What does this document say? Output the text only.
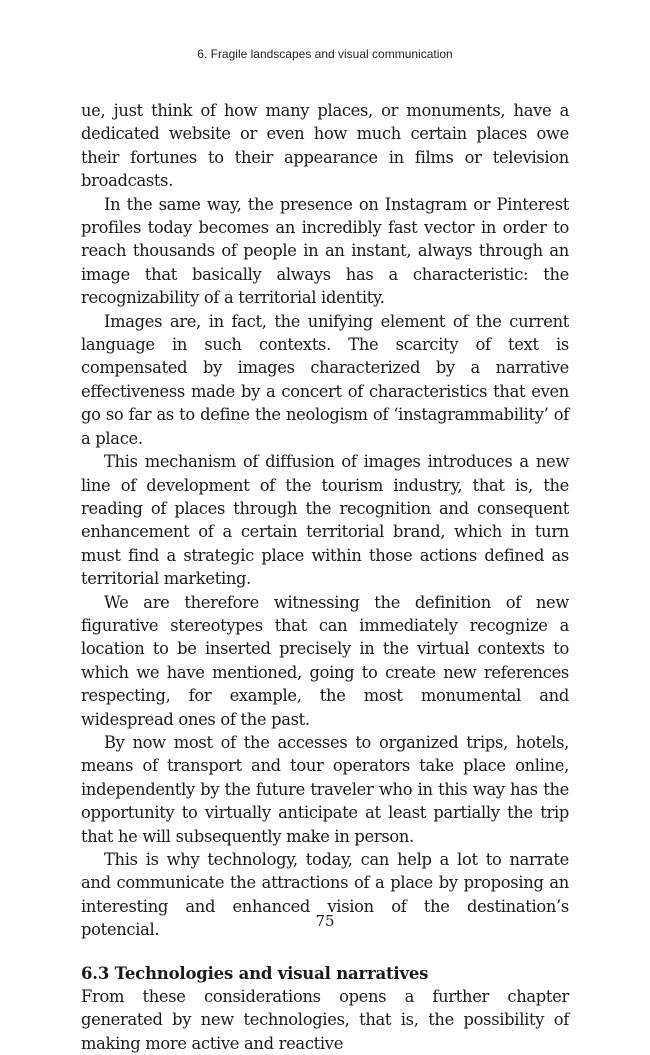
6. Fragile landscapes and visual communication

ue, just think of how many places, or monuments, have a dedicated website or even how much certain places owe their fortunes to their appearance in films or television broadcasts.

In the same way, the presence on Instagram or Pinterest profiles today becomes an incredibly fast vector in order to reach thousands of people in an instant, always through an image that basically always has a characteristic: the recognizability of a territorial identity.

Images are, in fact, the unifying element of the current language in such contexts. The scarcity of text is compensated by images characterized by a narrative effectiveness made by a concert of characteristics that even go so far as to define the neologism of ‘instagrammability’ of a place.

This mechanism of diffusion of images introduces a new line of development of the tourism industry, that is, the reading of places through the recognition and consequent enhancement of a certain territorial brand, which in turn must find a strategic place within those actions defined as territorial marketing.

We are therefore witnessing the definition of new figurative stereotypes that can immediately recognize a location to be inserted precisely in the virtual contexts to which we have mentioned, going to create new references respecting, for example, the most monumental and widespread ones of the past.

By now most of the accesses to organized trips, hotels, means of transport and tour operators take place online, independently by the future traveler who in this way has the opportunity to virtually anticipate at least partially the trip that he will subsequently make in person.

This is why technology, today, can help a lot to narrate and communicate the attractions of a place by proposing an interesting and enhanced vision of the destination’s potencial.

6.3 Technologies and visual narratives

From these considerations opens a further chapter generated by new technologies, that is, the possibility of making more active and reactive

75
